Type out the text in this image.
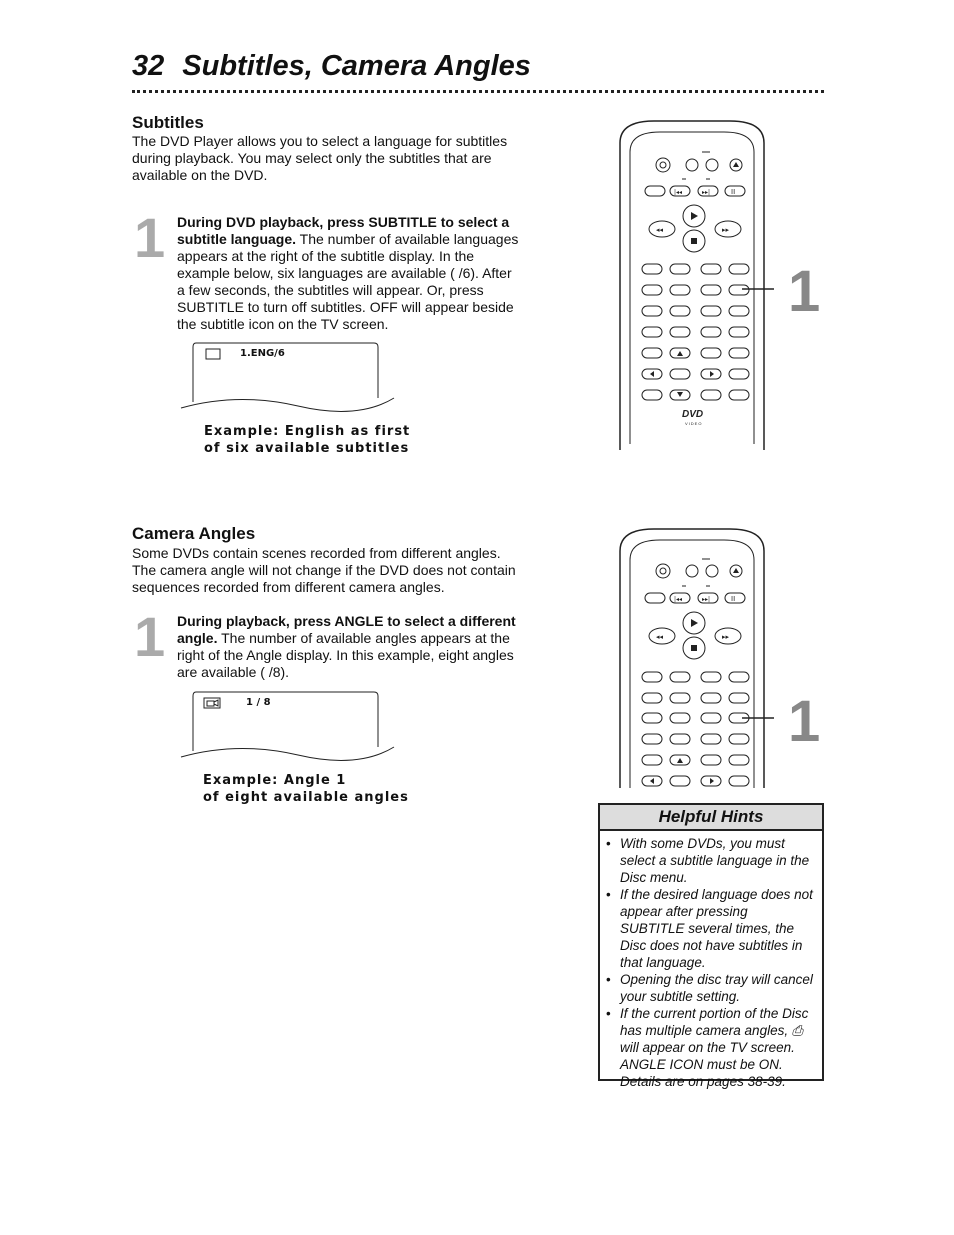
32 Subtitles, Camera Angles
Subtitles
The DVD Player allows you to select a language for subtitles during playback. You may select only the subtitles that are available on the DVD.
1 During DVD playback, press SUBTITLE to select a subtitle language. The number of available languages appears at the right of the subtitle display. In the example below, six languages are available ( /6). After a few seconds, the subtitles will appear. Or, press SUBTITLE to turn off subtitles. OFF will appear beside the subtitle icon on the TV screen.
1.ENG/6
Example: English as first
of six available subtitles
|◂◂	▸▸|	II
◂◂	▸▸
DVD
VIDEO
1
Camera Angles
Some DVDs contain scenes recorded from different angles. The camera angle will not change if the DVD does not contain sequences recorded from different camera angles.
1 During playback, press ANGLE to select a different angle. The number of available angles appears at the right of the Angle display. In this example, eight angles are available ( /8).
1 / 8
Example: Angle 1
of eight available angles
|◂◂	▸▸|	II
◂◂	▸▸
1
Helpful Hints
• With some DVDs, you must select a subtitle language in the Disc menu.
• If the desired language does not appear after pressing SUBTITLE several times, the Disc does not have subtitles in that language.
• Opening the disc tray will cancel your subtitle setting.
• If the current portion of the Disc has multiple camera angles, ⎙ will appear on the TV screen. ANGLE ICON must be ON. Details are on pages 38-39.
